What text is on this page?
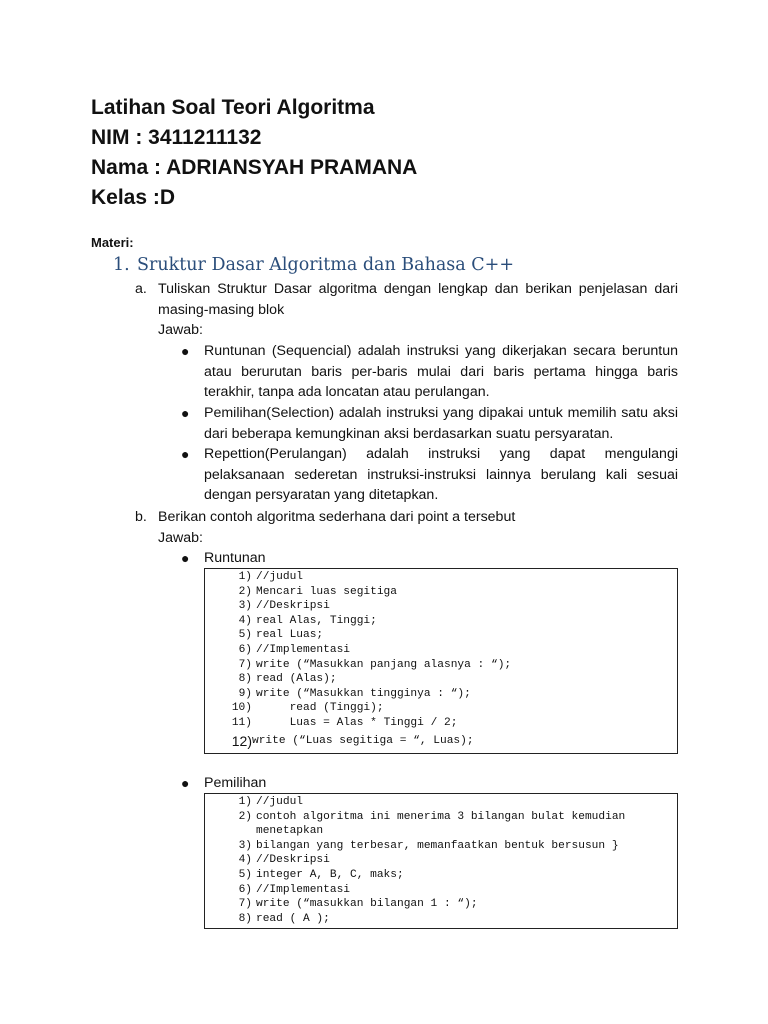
Latihan Soal Teori Algoritma
NIM : 3411211132
Nama : ADRIANSYAH PRAMANA
Kelas :D
Materi:
1. Sruktur Dasar Algoritma dan Bahasa C++
a. Tuliskan Struktur Dasar algoritma dengan lengkap dan berikan penjelasan dari masing-masing blok
Jawab:
● Runtunan (Sequencial) adalah instruksi yang dikerjakan secara beruntun atau berurutan baris per-baris mulai dari baris pertama hingga baris terakhir, tanpa ada loncatan atau perulangan.
● Pemilihan(Selection) adalah instruksi yang dipakai untuk memilih satu aksi dari beberapa kemungkinan aksi berdasarkan suatu persyaratan.
● Repettion(Perulangan) adalah instruksi yang dapat mengulangi pelaksanaan sederetan instruksi-instruksi lainnya berulang kali sesuai dengan persyaratan yang ditetapkan.
b. Berikan contoh algoritma sederhana dari point a tersebut
Jawab:
● Runtunan
1) //judul
2) Mencari luas segitiga
3) //Deskripsi
4) real Alas, Tinggi;
5) real Luas;
6) //Implementasi
7) write (“Masukkan panjang alasnya : “);
8) read (Alas);
9) write (“Masukkan tingginya : “);
10) read (Tinggi);
11) Luas = Alas * Tinggi / 2;
12) write (“Luas segitiga = “, Luas);
● Pemilihan
1) //judul
2) contoh algoritma ini menerima 3 bilangan bulat kemudian menetapkan
3) bilangan yang terbesar, memanfaatkan bentuk bersusun }
4) //Deskripsi
5) integer A, B, C, maks;
6) //Implementasi
7) write (“masukkan bilangan 1 : “);
8) read ( A );
